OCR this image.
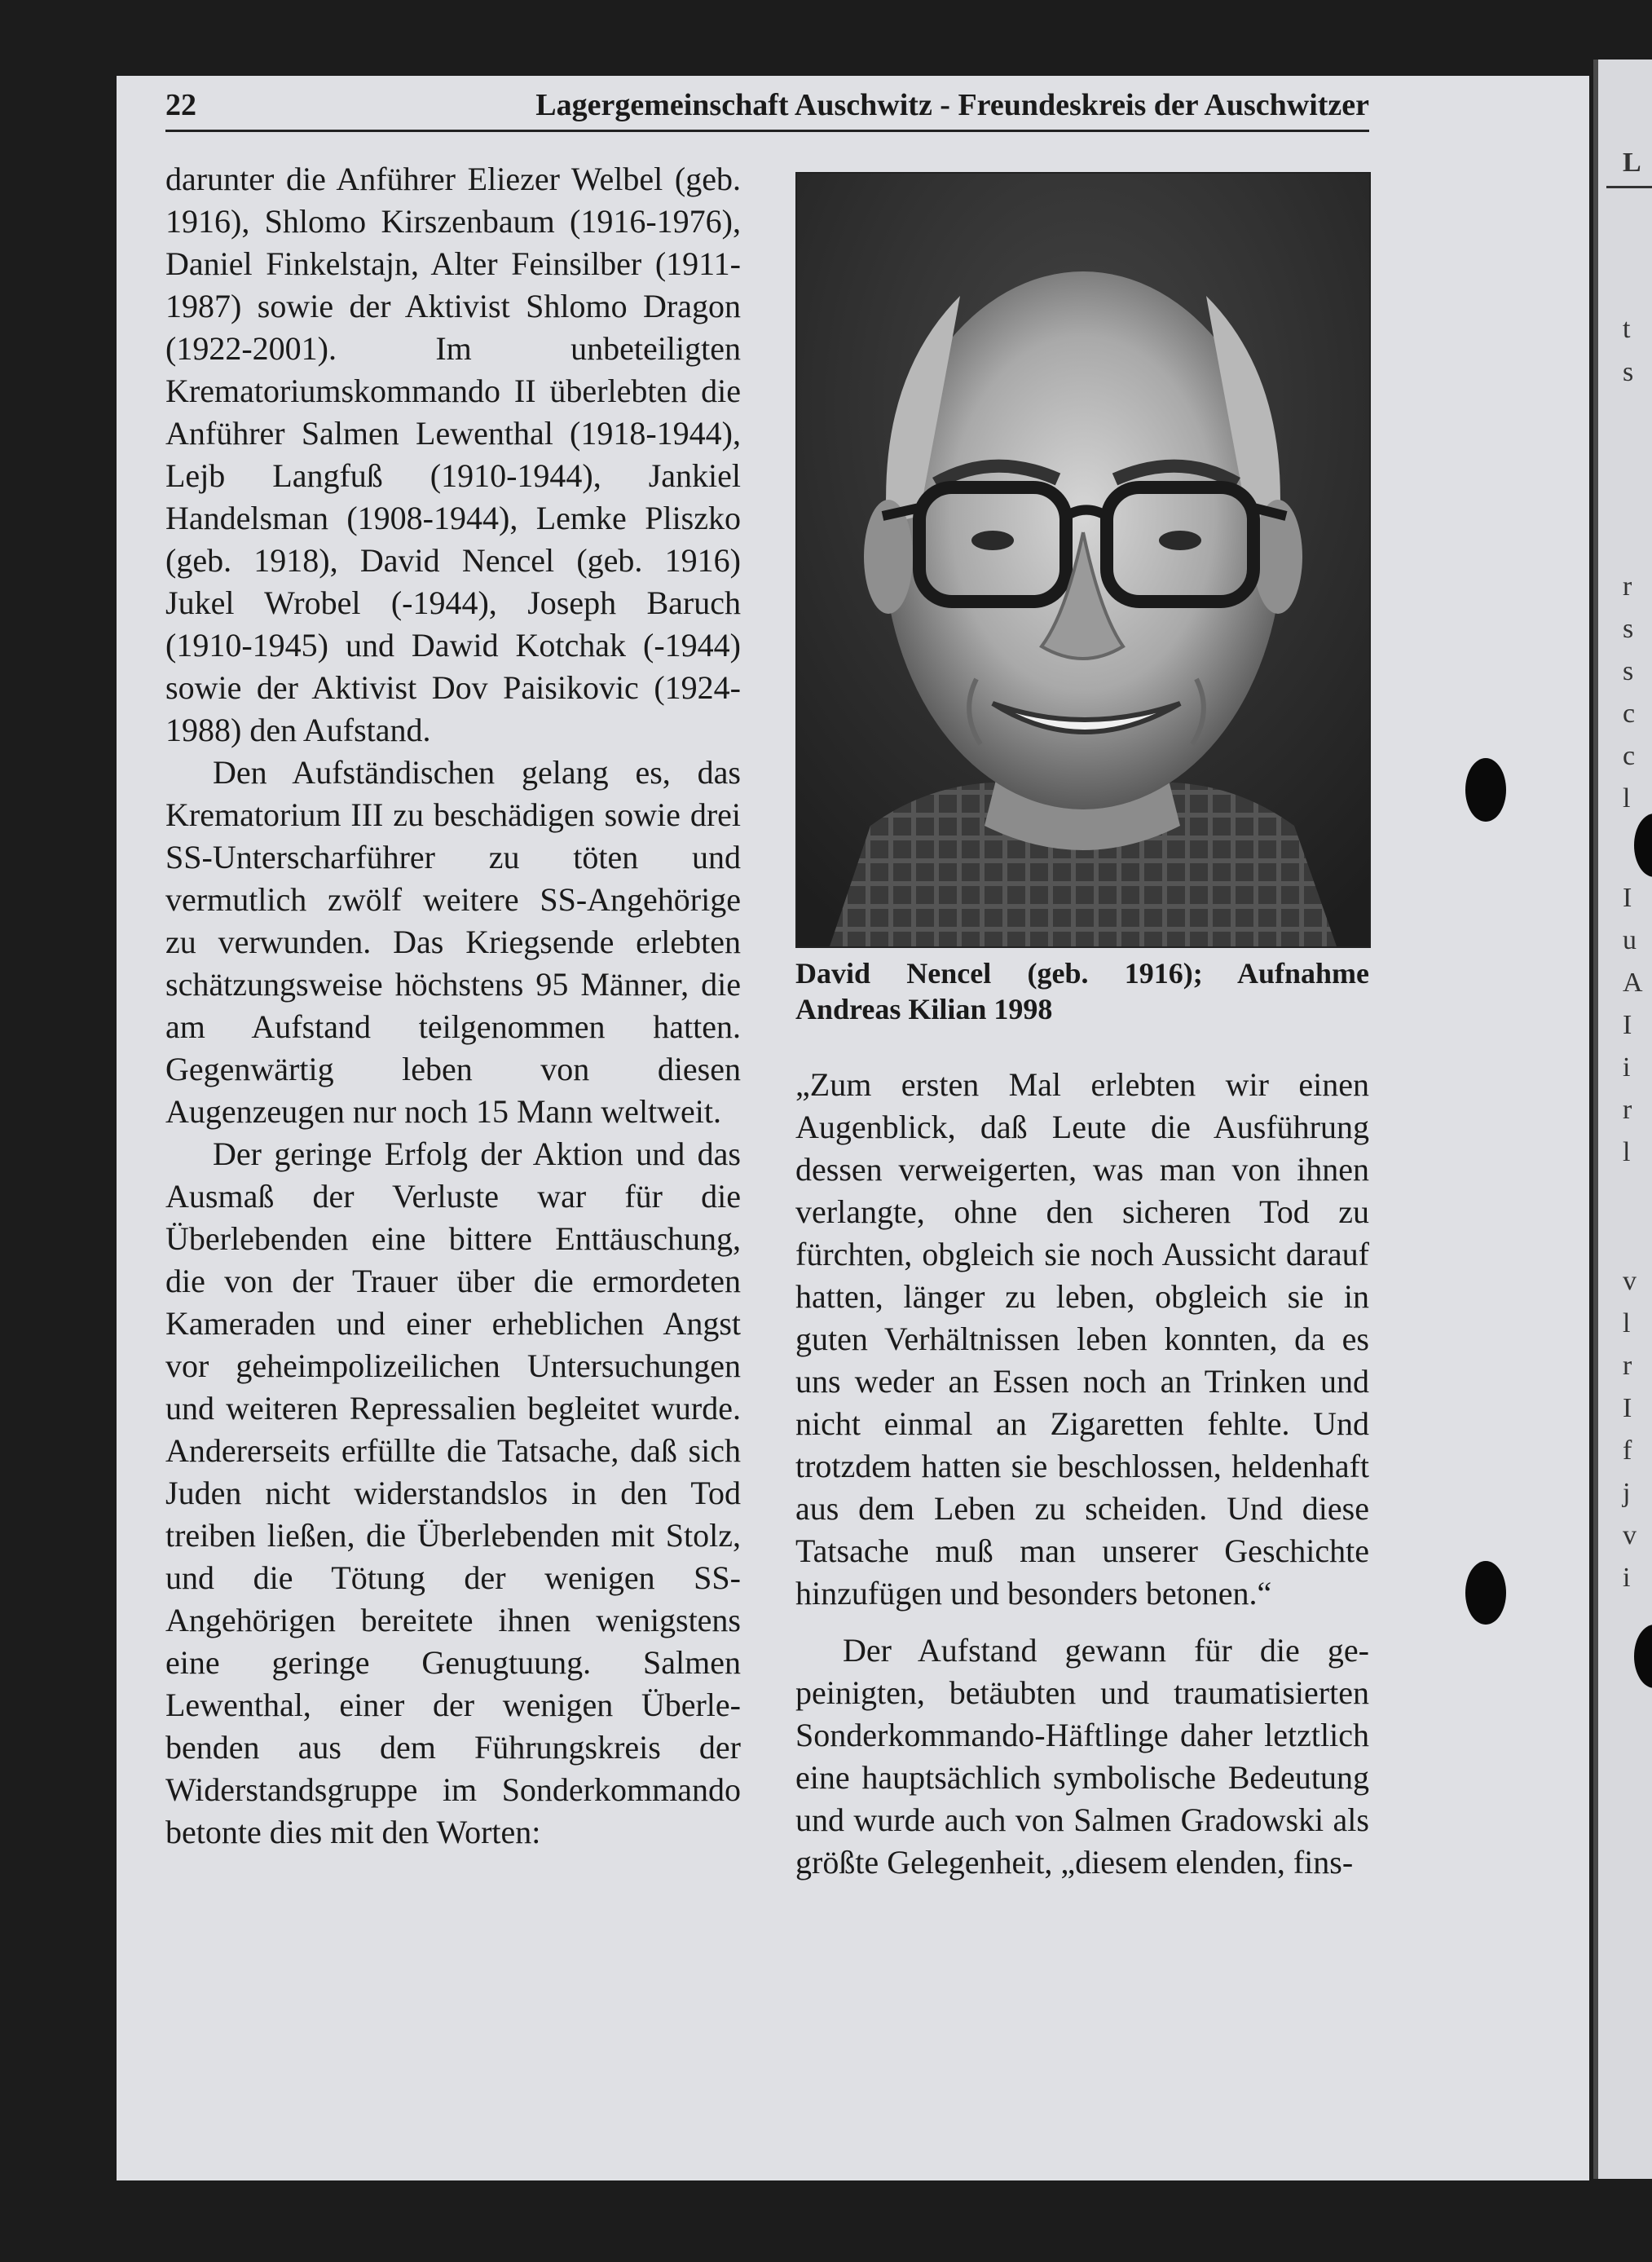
L
t
s
r
s
s
c
c
l
I
u
A
I
i
r
l
v
l
r
I
f
j
v
i
22	Lagergemeinschaft Auschwitz - Freundeskreis der Auschwitzer

darunter die Anführer Eliezer Welbel (geb. 1916), Shlomo Kirszenbaum (1916-1976), Daniel Finkelstajn, Alter Feinsilber (1911-1987) sowie der Aktivist Shlomo Dragon (1922-2001). Im unbeteiligten Krematoriumskommando II überlebten die Anführer Salmen Lewenthal (1918-1944), Lejb Langfuß (1910-1944), Jankiel Handelsman (1908-1944), Lemke Pliszko (geb. 1918), David Nencel (geb. 1916) Jukel Wrobel (-1944), Joseph Baruch (1910-1945) und Dawid Kotchak (-1944) sowie der Aktivist Dov Paisikovic (1924-1988) den Aufstand.

Den Aufständischen gelang es, das Krematorium III zu beschädigen sowie drei SS-Unterscharführer zu töten und vermutlich zwölf weitere SS-Angehörige zu verwunden. Das Kriegsende erlebten schätzungsweise höchstens 95 Männer, die am Aufstand teilgenommen hatten. Gegenwärtig leben von diesen Augenzeugen nur noch 15 Mann weltweit.

Der geringe Erfolg der Aktion und das Ausmaß der Verluste war für die Überlebenden eine bittere Enttäuschung, die von der Trauer über die ermordeten Kameraden und einer erheblichen Angst vor geheimpolizeilichen Untersuchungen und weiteren Repressalien begleitet wurde. Andererseits erfüllte die Tatsache, daß sich Juden nicht widerstandslos in den Tod treiben ließen, die Überlebenden mit Stolz, und die Tötung der wenigen SS-Angehörigen bereitete ihnen wenigstens eine geringe Genugtuung. Salmen Lewenthal, einer der wenigen Überlebenden aus dem Führungskreis der Widerstandsgruppe im Sonderkommando betonte dies mit den Worten:

David Nencel (geb. 1916); Aufnahme
Andreas Kilian 1998

„Zum ersten Mal erlebten wir einen Augenblick, daß Leute die Ausführung dessen verweigerten, was man von ihnen verlangte, ohne den sicheren Tod zu fürchten, obgleich sie noch Aussicht darauf hatten, länger zu leben, obgleich sie in guten Verhältnissen leben konnten, da es uns weder an Essen noch an Trinken und nicht einmal an Zigaretten fehlte. Und trotzdem hatten sie beschlossen, heldenhaft aus dem Leben zu scheiden. Und diese Tatsache muß man unserer Geschichte hinzufügen und besonders betonen.“

Der Aufstand gewann für die gepeinigten, betäubten und traumatisierten Sonderkommando-Häftlinge daher letztlich eine hauptsächlich symbolische Bedeutung und wurde auch von Salmen Gradowski als größte Gelegenheit, „diesem elenden, fins-
